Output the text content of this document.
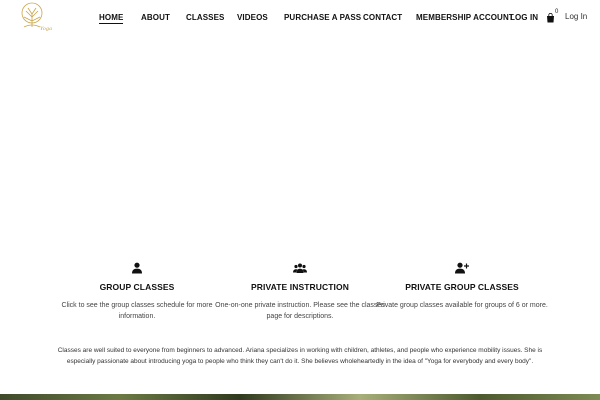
Yoga
HOME ABOUT CLASSES VIDEOS PURCHASE A PASS CONTACT MEMBERSHIP ACCOUNT
LOG IN
0 Log In
GROUP CLASSES
Click to see the group classes schedule for more information.
PRIVATE INSTRUCTION
One-on-one private instruction. Please see the classes page for descriptions.
PRIVATE GROUP CLASSES
Private group classes available for groups of 6 or more.
Classes are well suited to everyone from beginners to advanced. Ariana specializes in working with children, athletes, and people who experience mobility issues. She is especially passionate about introducing yoga to people who think they can't do it. She believes wholeheartedly in the idea of "Yoga for everybody and every body".
